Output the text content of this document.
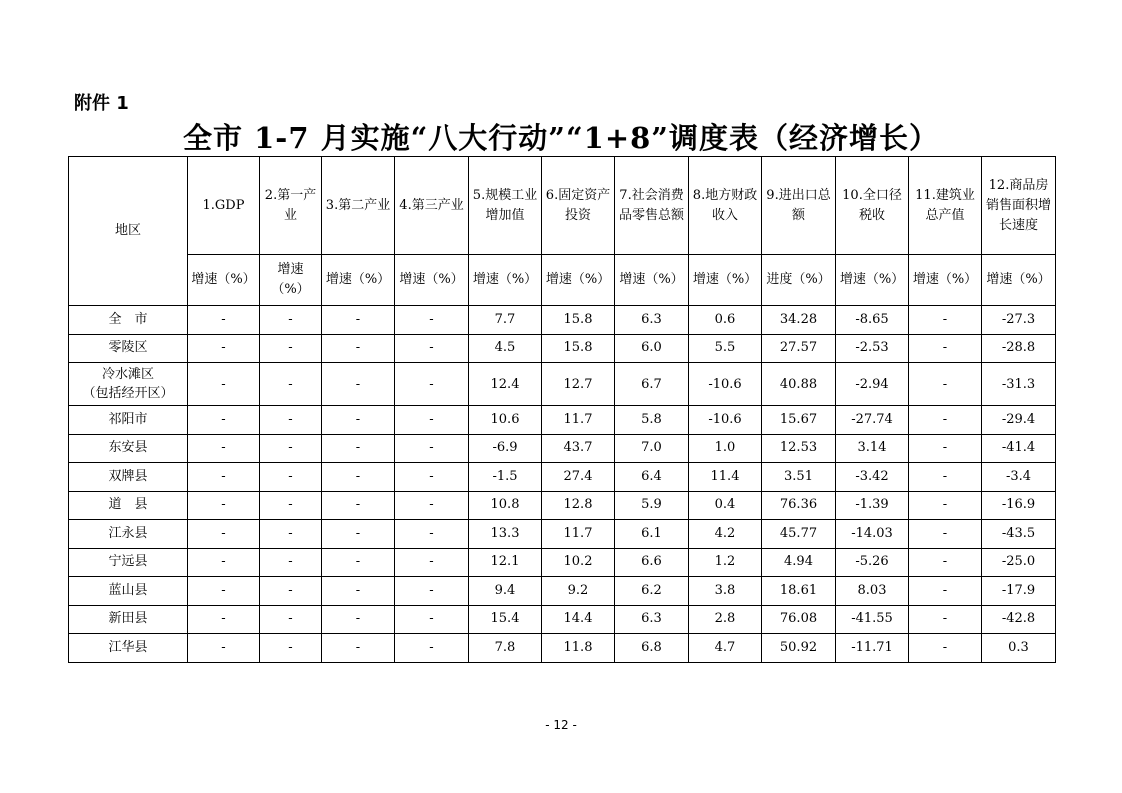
附件 1
全市 1-7 月实施“八大行动”“1+8”调度表（经济增长）
地区	1.GDP	2.第一产业	3.第二产业	4.第三产业	5.规模工业增加值	6.固定资产投资	7.社会消费品零售总额	8.地方财政收入	9.进出口总额	10.全口径税收	11.建筑业总产值	12.商品房销售面积增长速度
	增速（%）	增速（%）	增速（%）	增速（%）	增速（%）	增速（%）	增速（%）	增速（%）	进度（%）	增速（%）	增速（%）	增速（%）

全　市	-	-	-	-	7.7	15.8	6.3	0.6	34.28	-8.65	-	-27.3

零陵区	-	-	-	-	4.5	15.8	6.0	5.5	27.57	-2.53	-	-28.8

冷水滩区
（包括经开区）	-	-	-	-	12.4	12.7	6.7	-10.6	40.88	-2.94	-	-31.3

祁阳市	-	-	-	-	10.6	11.7	5.8	-10.6	15.67	-27.74	-	-29.4

东安县	-	-	-	-	-6.9	43.7	7.0	1.0	12.53	3.14	-	-41.4

双牌县	-	-	-	-	-1.5	27.4	6.4	11.4	3.51	-3.42	-	-3.4

道　县	-	-	-	-	10.8	12.8	5.9	0.4	76.36	-1.39	-	-16.9

江永县	-	-	-	-	13.3	11.7	6.1	4.2	45.77	-14.03	-	-43.5

宁远县	-	-	-	-	12.1	10.2	6.6	1.2	4.94	-5.26	-	-25.0

蓝山县	-	-	-	-	9.4	9.2	6.2	3.8	18.61	8.03	-	-17.9

新田县	-	-	-	-	15.4	14.4	6.3	2.8	76.08	-41.55	-	-42.8

江华县	-	-	-	-	7.8	11.8	6.8	4.7	50.92	-11.71	-	0.3
- 12 -
